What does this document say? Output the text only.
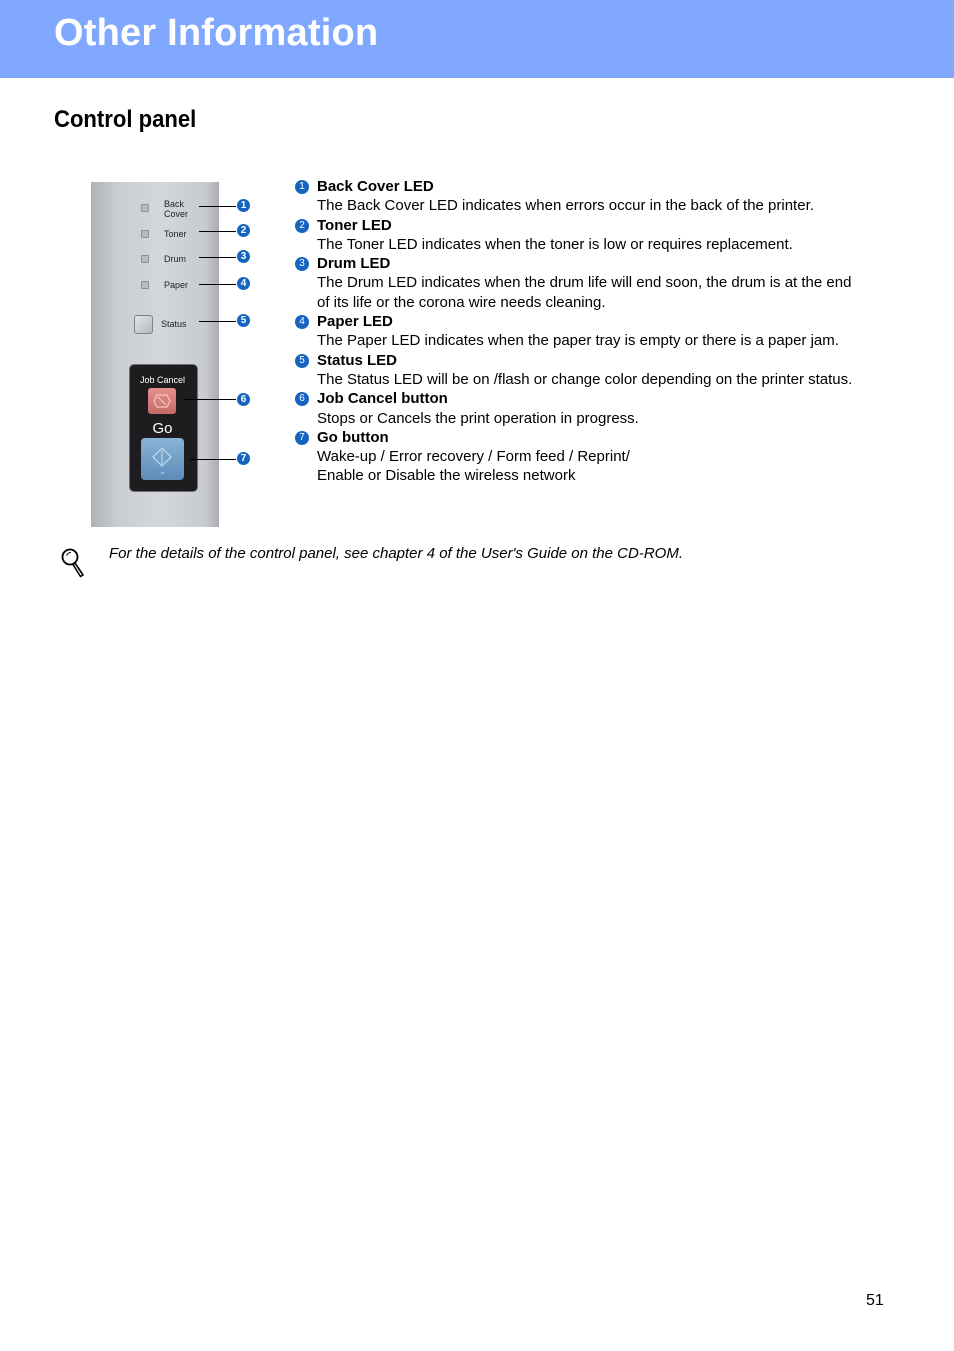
Other Information
Control panel
Back
Cover
Toner
Drum
Paper
Status
Job Cancel
Go
1
2
3
4
5
6
7
1 Back Cover LED
The Back Cover LED indicates when errors occur in the back of the printer.
2 Toner LED
The Toner LED indicates when the toner is low or requires replacement.
3 Drum LED
The Drum LED indicates when the drum life will end soon, the drum is at the end of its life or the corona wire needs cleaning.
4 Paper LED
The Paper LED indicates when the paper tray is empty or there is a paper jam.
5 Status LED
The Status LED will be on /flash or change color depending on the printer status.
6 Job Cancel button
Stops or Cancels the print operation in progress.
7 Go button
Wake-up / Error recovery / Form feed / Reprint/
Enable or Disable the wireless network

For the details of the control panel, see chapter 4 of the User's Guide on the CD-ROM.

51
